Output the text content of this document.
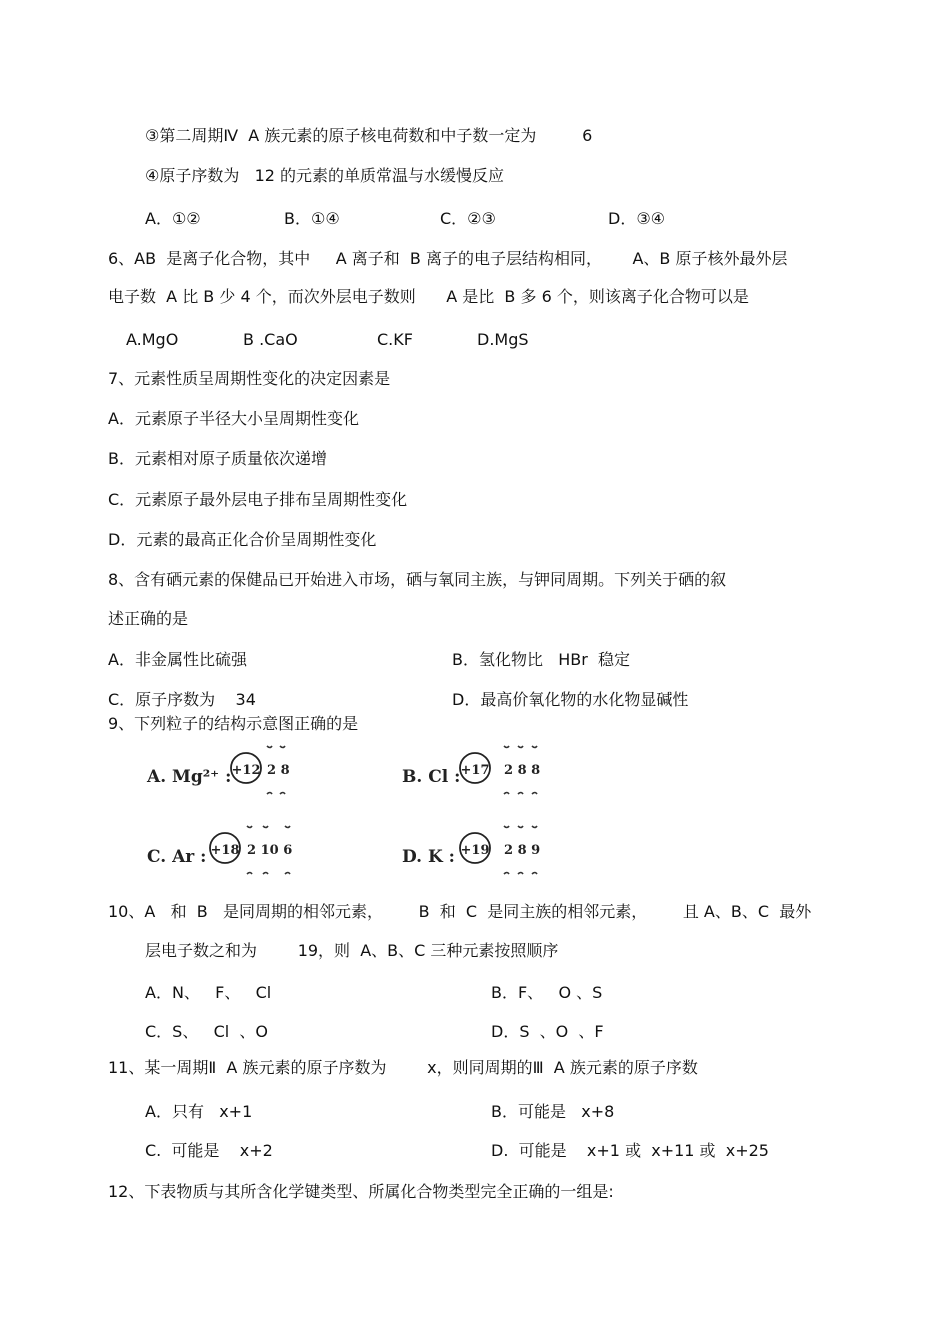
③第二周期Ⅳ  A 族元素的原子核电荷数和中子数一定为         6
④原子序数为   12 的元素的单质常温与水缓慢反应
A．①②	B．①④	C．②③	D．③④
6、AB  是离子化合物，其中     A 离子和  B 离子的电子层结构相同，      A、B 原子核外最外层
电子数  A 比 B 少 4 个，而次外层电子数则      A 是比  B 多 6 个，则该离子化合物可以是
A.MgO	B .CaO	C.KF	D.MgS
7、元素性质呈周期性变化的决定因素是
A．元素原子半径大小呈周期性变化
B．元素相对原子质量依次递增
C．元素原子最外层电子排布呈周期性变化
D．元素的最高正化合价呈周期性变化
8、含有硒元素的保健品已开始进入市场，硒与氧同主族，与钾同周期。下列关于硒的叙
述正确的是
A．非金属性比硫强	B．氢化物比   HBr  稳定
C．原子序数为    34	D．最高价氧化物的水化物显碱性
9、下列粒子的结构示意图正确的是
A. Mg²⁺ : +12 2 8	B. Cl : +17 2 8 8
C. Ar : +18 2 10 6	D. K : +19 2 8 9
10、A   和  B   是同周期的相邻元素，       B  和  C  是同主族的相邻元素，       且 A、B、C  最外
层电子数之和为        19，则  A、B、C 三种元素按照顺序
A．N、   F、   Cl	B．F、   O 、S
C．S、   Cl  、O	D．S  、O  、F
11、某一周期Ⅱ  A 族元素的原子序数为        x，则同周期的Ⅲ  A 族元素的原子序数
A．只有   x+1	B．可能是   x+8
C.  可能是    x+2	D.  可能是    x+1 或  x+11 或  x+25
12、下表物质与其所含化学键类型、所属化合物类型完全正确的一组是:
